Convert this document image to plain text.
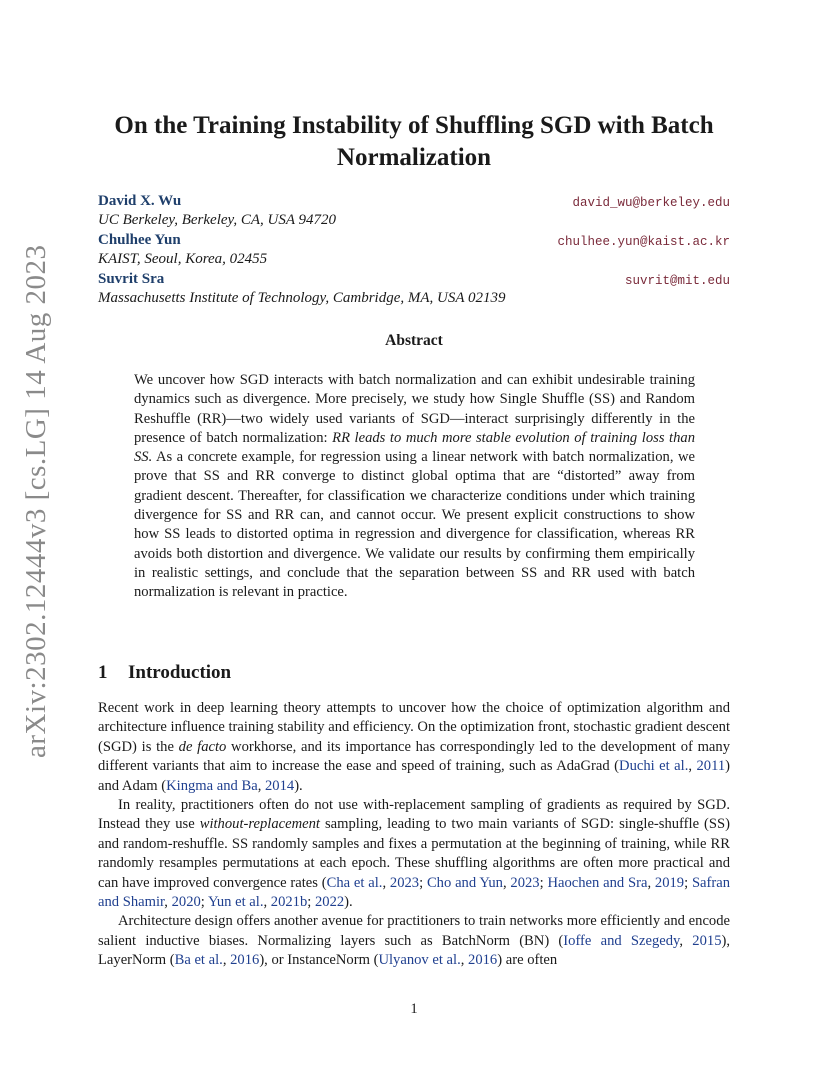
arXiv:2302.12444v3 [cs.LG] 14 Aug 2023
On the Training Instability of Shuffling SGD with Batch
Normalization
David X. Wu	david_wu@berkeley.edu
UC Berkeley, Berkeley, CA, USA 94720
Chulhee Yun	chulhee.yun@kaist.ac.kr
KAIST, Seoul, Korea, 02455
Suvrit Sra	suvrit@mit.edu
Massachusetts Institute of Technology, Cambridge, MA, USA 02139
Abstract
We uncover how SGD interacts with batch normalization and can exhibit undesirable training dynamics such as divergence. More precisely, we study how Single Shuffle (SS) and Random Reshuffle (RR)—two widely used variants of SGD—interact surprisingly differently in the presence of batch normalization: RR leads to much more stable evolution of training loss than SS. As a concrete example, for regression using a linear network with batch normalization, we prove that SS and RR converge to distinct global optima that are “distorted” away from gradient descent. Thereafter, for classification we characterize conditions under which training divergence for SS and RR can, and cannot occur. We present explicit constructions to show how SS leads to distorted optima in regression and divergence for classification, whereas RR avoids both distortion and divergence. We validate our results by confirming them empirically in realistic settings, and conclude that the separation between SS and RR used with batch normalization is relevant in practice.
1 Introduction

Recent work in deep learning theory attempts to uncover how the choice of optimization algorithm and architecture influence training stability and efficiency. On the optimization front, stochastic gradient descent (SGD) is the de facto workhorse, and its importance has correspondingly led to the development of many different variants that aim to increase the ease and speed of training, such as AdaGrad (Duchi et al., 2011) and Adam (Kingma and Ba, 2014).

In reality, practitioners often do not use with-replacement sampling of gradients as required by SGD. Instead they use without-replacement sampling, leading to two main variants of SGD: single-shuffle (SS) and random-reshuffle. SS randomly samples and fixes a permutation at the beginning of training, while RR randomly resamples permutations at each epoch. These shuffling algorithms are often more practical and can have improved convergence rates (Cha et al., 2023; Cho and Yun, 2023; Haochen and Sra, 2019; Safran and Shamir, 2020; Yun et al., 2021b; 2022).

Architecture design offers another avenue for practitioners to train networks more efficiently and encode salient inductive biases. Normalizing layers such as BatchNorm (BN) (Ioffe and Szegedy, 2015), LayerNorm (Ba et al., 2016), or InstanceNorm (Ulyanov et al., 2016) are often

1
